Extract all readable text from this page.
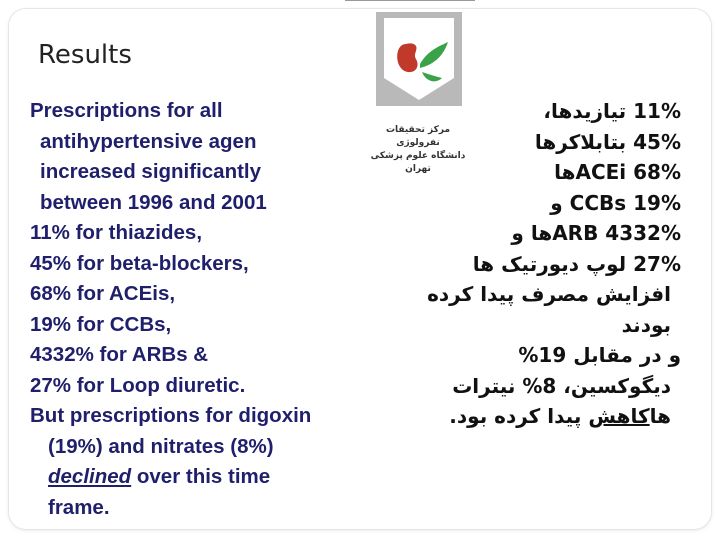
Results
مرکز تحقیقات نفرولوژی
دانشگاه علوم پزشکی تهران
Prescriptions for all
antihypertensive agen
increased significantly
between 1996 and 2001
11% for thiazides,
45% for beta-blockers,
68% for ACEis,
19% for CCBs,
4332% for ARBs &
27% for Loop diuretic.
But prescriptions for digoxin
(19%) and nitrates (8%)
declined over this time
frame.
11% تیازیدها،
45% بتابلاکرها
68% ACEiها
19% CCBs و
4332% ARBها و
27% لوپ دیورتیک ها
افزایش مصرف پیدا کرده
بودند
و در مقابل 19%
دیگوکسین، 8% نیترات
هاکاهش پیدا کرده بود.
